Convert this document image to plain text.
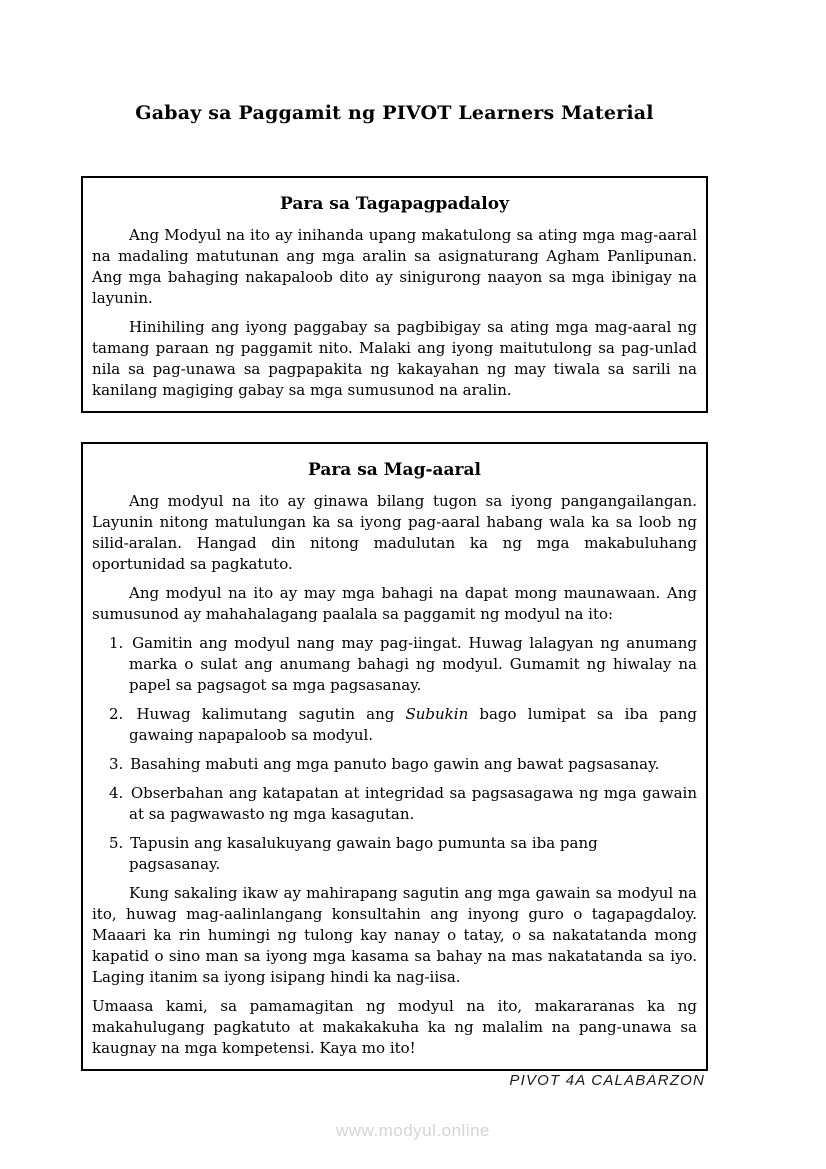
Gabay sa Paggamit ng PIVOT Learners Material
Para sa Tagapagpadaloy

Ang Modyul na ito ay inihanda upang makatulong sa ating mga mag-aaral na madaling matutunan ang mga aralin sa asignaturang Agham Panlipunan. Ang mga bahaging nakapaloob dito ay sinigurong naayon sa mga ibinigay na layunin.

Hinihiling ang iyong paggabay sa pagbibigay sa ating mga mag-aaral ng tamang paraan ng paggamit nito. Malaki ang iyong maitutulong sa pag-unlad nila sa pag-unawa sa pagpapakita ng kakayahan ng may tiwala sa sarili na kanilang magiging gabay sa mga sumusunod na aralin.

Para sa Mag-aaral

Ang modyul na ito ay ginawa bilang tugon sa iyong pangangailangan. Layunin nitong matulungan ka sa iyong pag-aaral habang wala ka sa loob ng silid-aralan. Hangad din nitong madulutan ka ng mga makabuluhang oportunidad sa pagkatuto.

Ang modyul na ito ay may mga bahagi na dapat mong maunawaan. Ang sumusunod ay mahahalagang paalala sa paggamit ng modyul na ito:

1. Gamitin ang modyul nang may pag-iingat. Huwag lalagyan ng anumang marka o sulat ang anumang bahagi ng modyul. Gumamit ng hiwalay na papel sa pagsagot sa mga pagsasanay.
2. Huwag kalimutang sagutin ang Subukin bago lumipat sa iba pang gawaing napapaloob sa modyul.
3. Basahing mabuti ang mga panuto bago gawin ang bawat pagsasanay.
4. Obserbahan ang katapatan at integridad sa pagsasagawa ng mga gawain at sa pagwawasto ng mga kasagutan.
5. Tapusin ang kasalukuyang gawain bago pumunta sa iba pang
pagsasanay.

Kung sakaling ikaw ay mahirapang sagutin ang mga gawain sa modyul na ito, huwag mag-aalinlangang konsultahin ang inyong guro o tagapagdaloy. Maaari ka rin humingi ng tulong kay nanay o tatay, o sa nakatatanda mong kapatid o sino man sa iyong mga kasama sa bahay na mas nakatatanda sa iyo. Laging itanim sa iyong isipang hindi ka nag-iisa.

Umaasa kami, sa pamamagitan ng modyul na ito, makararanas ka ng makahulugang pagkatuto at makakakuha ka ng malalim na pang-unawa sa kaugnay na mga kompetensi. Kaya mo ito!

PIVOT 4A CALABARZON
www.modyul.online
